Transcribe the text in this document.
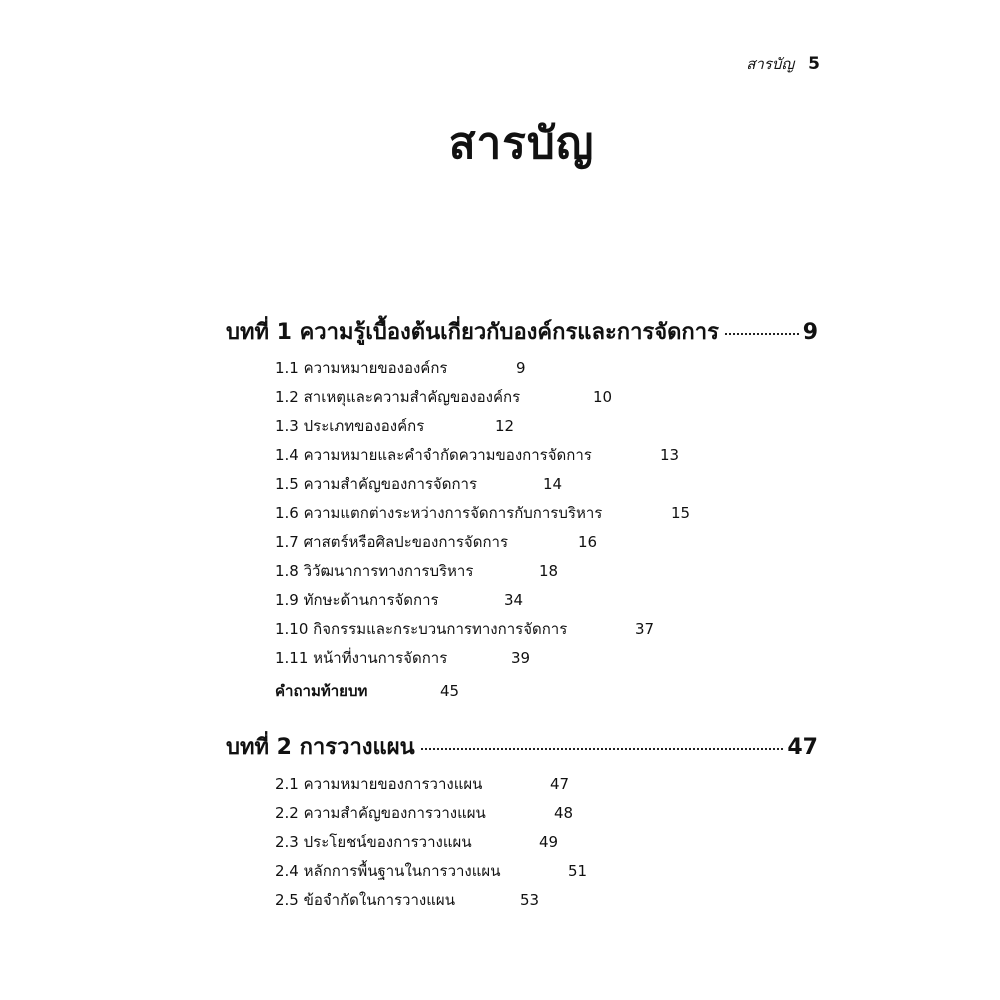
สารบัญ 5
สารบัญ
บทที่ 1 ความรู้เบื้องต้นเกี่ยวกับองค์กรและการจัดการ	9
1.1 ความหมายขององค์กร	9
1.2 สาเหตุและความสำคัญขององค์กร	10
1.3 ประเภทขององค์กร	12
1.4 ความหมายและคำจำกัดความของการจัดการ	13
1.5 ความสำคัญของการจัดการ	14
1.6 ความแตกต่างระหว่างการจัดการกับการบริหาร	15
1.7 ศาสตร์หรือศิลปะของการจัดการ	16
1.8 วิวัฒนาการทางการบริหาร	18
1.9 ทักษะด้านการจัดการ	34
1.10 กิจกรรมและกระบวนการทางการจัดการ	37
1.11 หน้าที่งานการจัดการ	39
คำถามท้ายบท	45
บทที่ 2 การวางแผน	47
2.1 ความหมายของการวางแผน	47
2.2 ความสำคัญของการวางแผน	48
2.3 ประโยชน์ของการวางแผน	49
2.4 หลักการพื้นฐานในการวางแผน	51
2.5 ข้อจำกัดในการวางแผน	53
